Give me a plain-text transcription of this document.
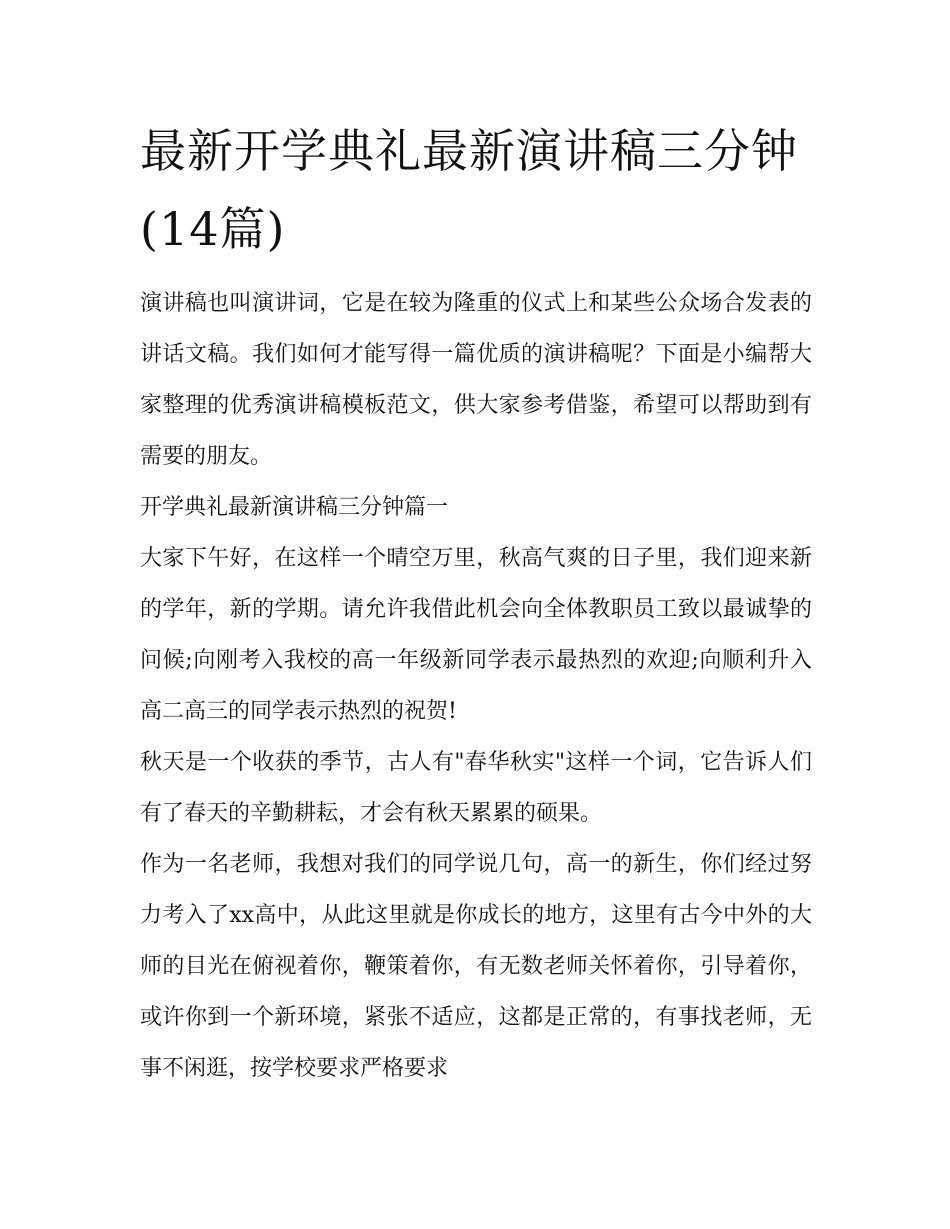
最新开学典礼最新演讲稿三分钟(14篇)

演讲稿也叫演讲词，它是在较为隆重的仪式上和某些公众场合发表的讲话文稿。我们如何才能写得一篇优质的演讲稿呢？下面是小编帮大家整理的优秀演讲稿模板范文，供大家参考借鉴，希望可以帮助到有需要的朋友。

开学典礼最新演讲稿三分钟篇一

大家下午好，在这样一个晴空万里，秋高气爽的日子里，我们迎来新的学年，新的学期。请允许我借此机会向全体教职员工致以最诚挚的问候;向刚考入我校的高一年级新同学表示最热烈的欢迎;向顺利升入高二高三的同学表示热烈的祝贺!

秋天是一个收获的季节，古人有"春华秋实"这样一个词，它告诉人们有了春天的辛勤耕耘，才会有秋天累累的硕果。

作为一名老师，我想对我们的同学说几句，高一的新生，你们经过努力考入了xx高中，从此这里就是你成长的地方，这里有古今中外的大师的目光在俯视着你，鞭策着你，有无数老师关怀着你，引导着你，或许你到一个新环境，紧张不适应，这都是正常的，有事找老师，无事不闲逛，按学校要求严格要求
